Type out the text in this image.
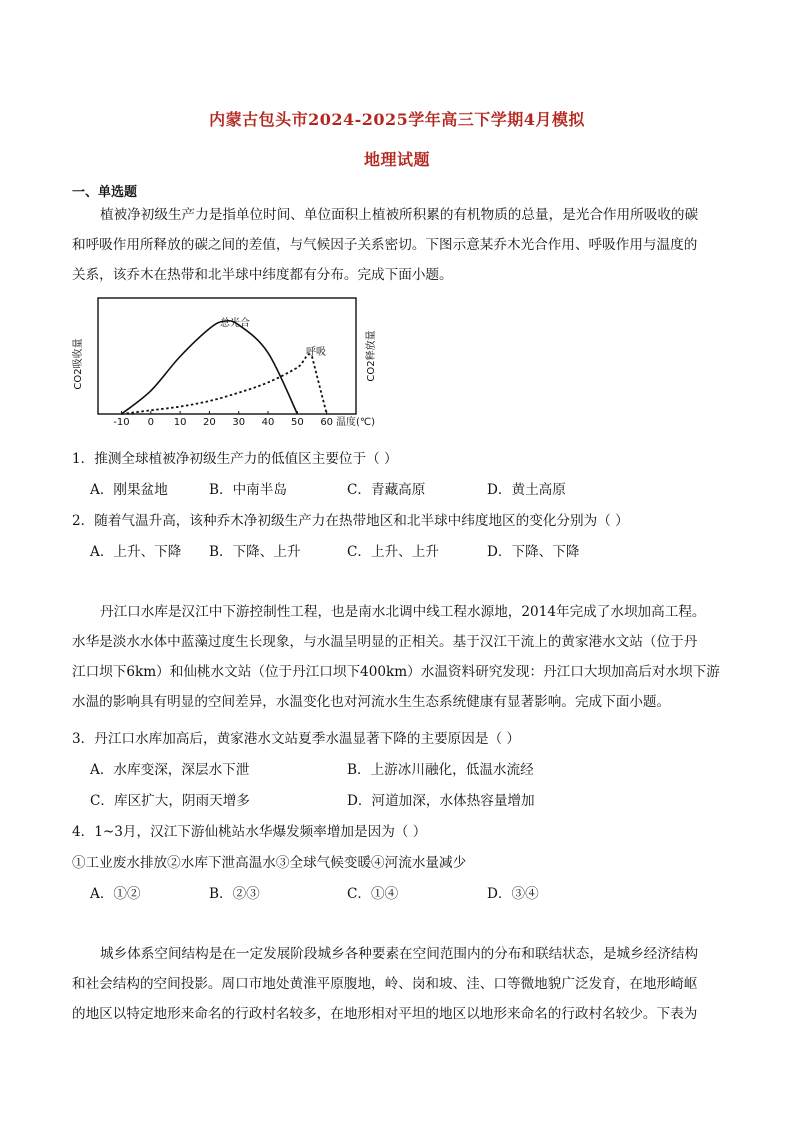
内蒙古包头市2024-2025学年高三下学期4月模拟
地理试题
一、单选题
植被净初级生产力是指单位时间、单位面积上植被所积累的有机物质的总量，是光合作用所吸收的碳
和呼吸作用所释放的碳之间的差值，与气候因子关系密切。下图示意某乔木光合作用、呼吸作用与温度的
关系，该乔木在热带和北半球中纬度都有分布。完成下面小题。
-10 0 10 20 30 40 50 60
总光合
呼吸
温度(℃)
CO2吸收量	CO2释放量
1．推测全球植被净初级生产力的低值区主要位于（ ）
A．刚果盆地	B．中南半岛	C．青藏高原	D．黄土高原
2．随着气温升高，该种乔木净初级生产力在热带地区和北半球中纬度地区的变化分别为（ ）
A．上升、下降 B．下降、上升	C．上升、上升	D．下降、下降
丹江口水库是汉江中下游控制性工程，也是南水北调中线工程水源地，2014年完成了水坝加高工程。
水华是淡水水体中蓝藻过度生长现象，与水温呈明显的正相关。基于汉江干流上的黄家港水文站（位于丹
江口坝下6km）和仙桃水文站（位于丹江口坝下400km）水温资料研究发现：丹江口大坝加高后对水坝下游
水温的影响具有明显的空间差异，水温变化也对河流水生生态系统健康有显著影响。完成下面小题。
3．丹江口水库加高后，黄家港水文站夏季水温显著下降的主要原因是（ ）
A．水库变深，深层水下泄	B．上游冰川融化，低温水流经
C．库区扩大，阴雨天增多	D．河道加深，水体热容量增加
4．1~3月，汉江下游仙桃站水华爆发频率增加是因为（ ）
①工业废水排放②水库下泄高温水③全球气候变暖④河流水量减少
A．①②	B．②③	C．①④	D．③④
城乡体系空间结构是在一定发展阶段城乡各种要素在空间范围内的分布和联结状态，是城乡经济结构
和社会结构的空间投影。周口市地处黄淮平原腹地，岭、岗和坡、洼、口等微地貌广泛发育，在地形崎岖
的地区以特定地形来命名的行政村名较多，在地形相对平坦的地区以地形来命名的行政村名较少。下表为
